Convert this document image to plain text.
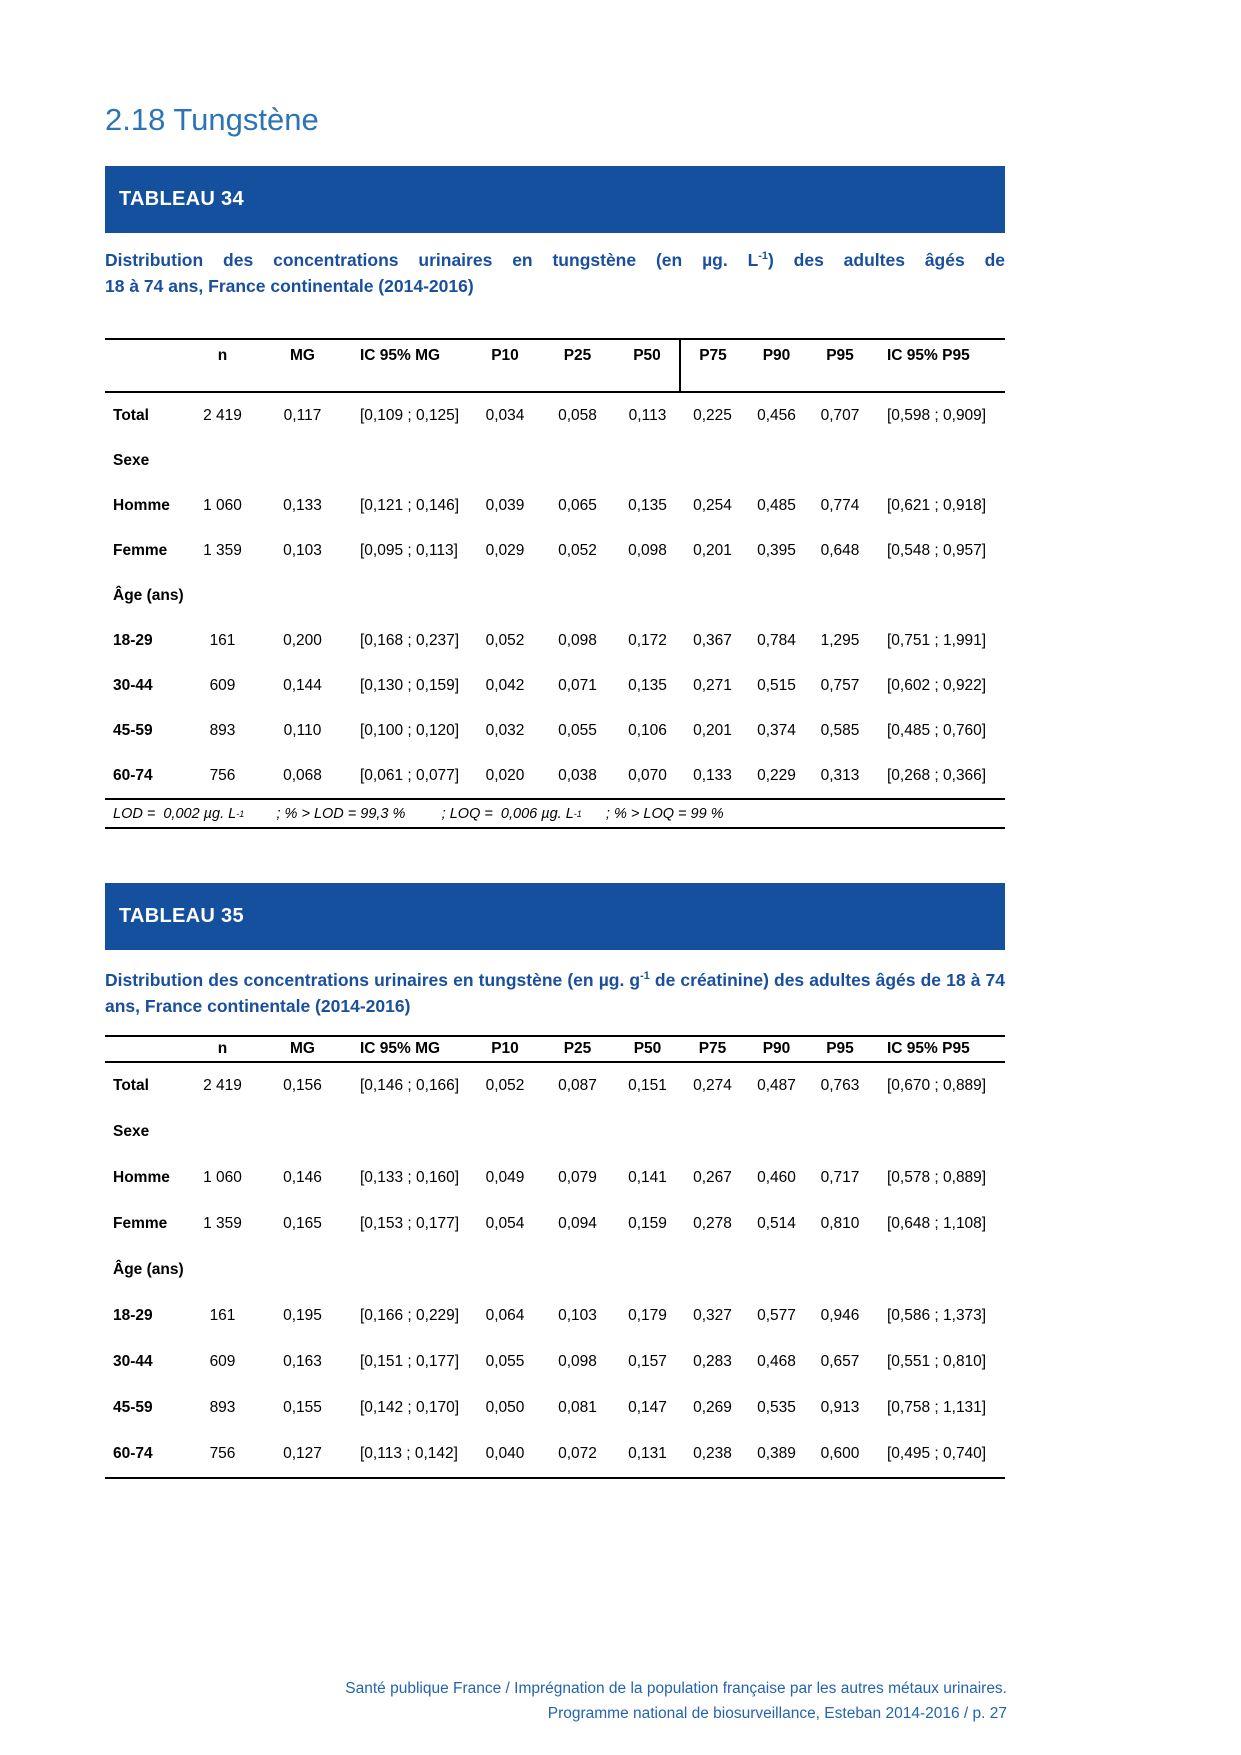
2.18 Tungstène
TABLEAU 34
Distribution des concentrations urinaires en tungstène (en µg. $L^{-1}$) des adultes âgés de
18 à 74 ans, France continentale (2014-2016)
	n	MG	IC 95% MG	P10	P25	P50	P75	P90	P95	IC 95% P95
Total	2 419	0,117	[0,109 ; 0,125]	0,034	0,058	0,113	0,225	0,456	0,707	[0,598 ; 0,909]
Sexe										
Homme	1 060	0,133	[0,121 ; 0,146]	0,039	0,065	0,135	0,254	0,485	0,774	[0,621 ; 0,918]
Femme	1 359	0,103	[0,095 ; 0,113]	0,029	0,052	0,098	0,201	0,395	0,648	[0,548 ; 0,957]
Âge (ans)										
18-29	161	0,200	[0,168 ; 0,237]	0,052	0,098	0,172	0,367	0,784	1,295	[0,751 ; 1,991]
30-44	609	0,144	[0,130 ; 0,159]	0,042	0,071	0,135	0,271	0,515	0,757	[0,602 ; 0,922]
45-59	893	0,110	[0,100 ; 0,120]	0,032	0,055	0,106	0,201	0,374	0,585	[0,485 ; 0,760]
60-74	756	0,068	[0,061 ; 0,077]	0,020	0,038	0,070	0,133	0,229	0,313	[0,268 ; 0,366]
LOD =  0,002 µg. L -1 ; % > LOD = 99,3 %         ; LOQ =  0,006 µg. L -1 ; % > LOQ = 99 %
TABLEAU 35
Distribution des concentrations urinaires en tungstène (en µg. $g^{-1}$ de créatinine) des adultes âgés de 18 à 74
ans, France continentale (2014-2016)
	n	MG	IC 95% MG	P10	P25	P50	P75	P90	P95	IC 95% P95
Total	2 419	0,156	[0,146 ; 0,166]	0,052	0,087	0,151	0,274	0,487	0,763	[0,670 ; 0,889]
Sexe										
Homme	1 060	0,146	[0,133 ; 0,160]	0,049	0,079	0,141	0,267	0,460	0,717	[0,578 ; 0,889]
Femme	1 359	0,165	[0,153 ; 0,177]	0,054	0,094	0,159	0,278	0,514	0,810	[0,648 ; 1,108]
Âge (ans)										
18-29	161	0,195	[0,166 ; 0,229]	0,064	0,103	0,179	0,327	0,577	0,946	[0,586 ; 1,373]
30-44	609	0,163	[0,151 ; 0,177]	0,055	0,098	0,157	0,283	0,468	0,657	[0,551 ; 0,810]
45-59	893	0,155	[0,142 ; 0,170]	0,050	0,081	0,147	0,269	0,535	0,913	[0,758 ; 1,131]
60-74	756	0,127	[0,113 ; 0,142]	0,040	0,072	0,131	0,238	0,389	0,600	[0,495 ; 0,740]
Santé publique France / Imprégnation de la population française par les autres métaux urinaires.
Programme national de biosurveillance, Esteban 2014-2016 / p. 27
